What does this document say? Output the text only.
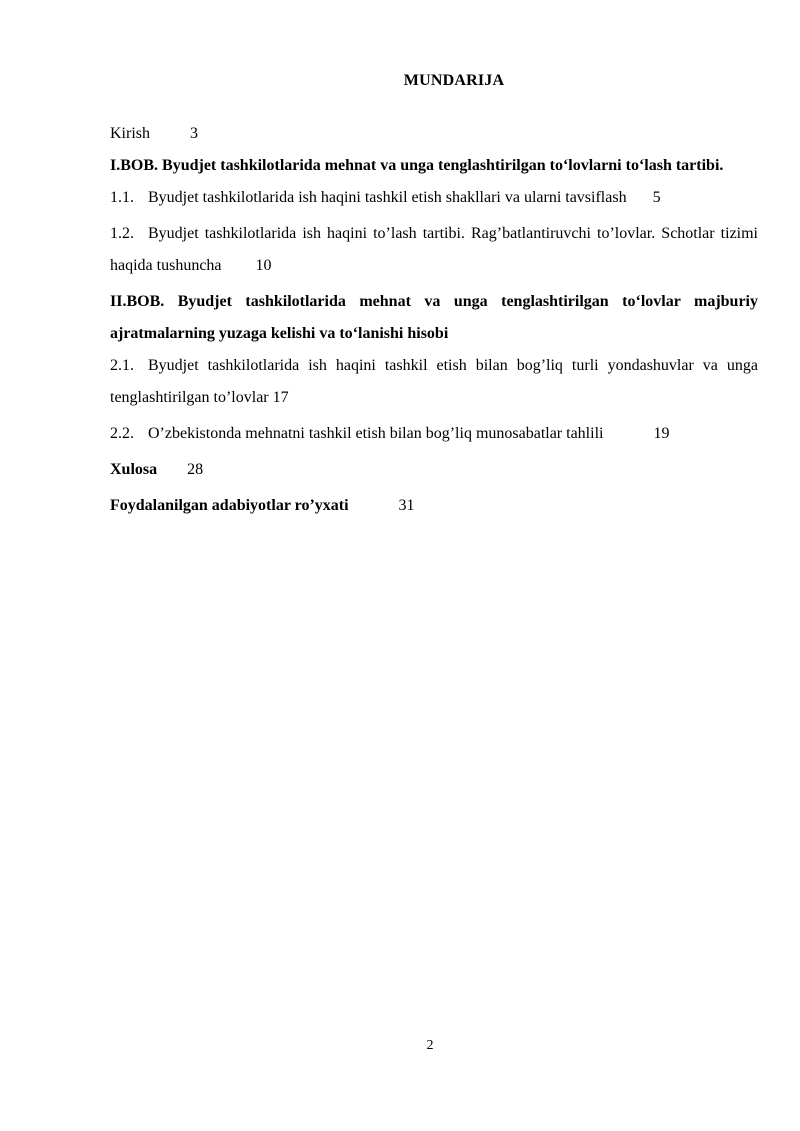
MUNDARIJA

Kirish	3

I.BOB. Byudjet tashkilotlarida mehnat va unga tenglashtirilgan to‘lovlarni to‘lash tartibi.

1.1. Byudjet tashkilotlarida ish haqini tashkil etish shakllari va ularni tavsiflash 5

1.2. Byudjet tashkilotlarida ish haqini to’lash tartibi. Rag’batlantiruvchi to’lovlar. Schotlar tizimi haqida tushuncha 10

II.BOB. Byudjet tashkilotlarida mehnat va unga tenglashtirilgan to‘lovlar majburiy ajratmalarning yuzaga kelishi va to‘lanishi hisobi

2.1. Byudjet tashkilotlarida ish haqini tashkil etish bilan bog’liq turli yondashuvlar va unga tenglashtirilgan to’lovlar 17

2.2. O’zbekistonda mehnatni tashkil etish bilan bog’liq munosabatlar tahlili	19

Xulosa 28

Foydalanilgan adabiyotlar ro’yxati	31

2
